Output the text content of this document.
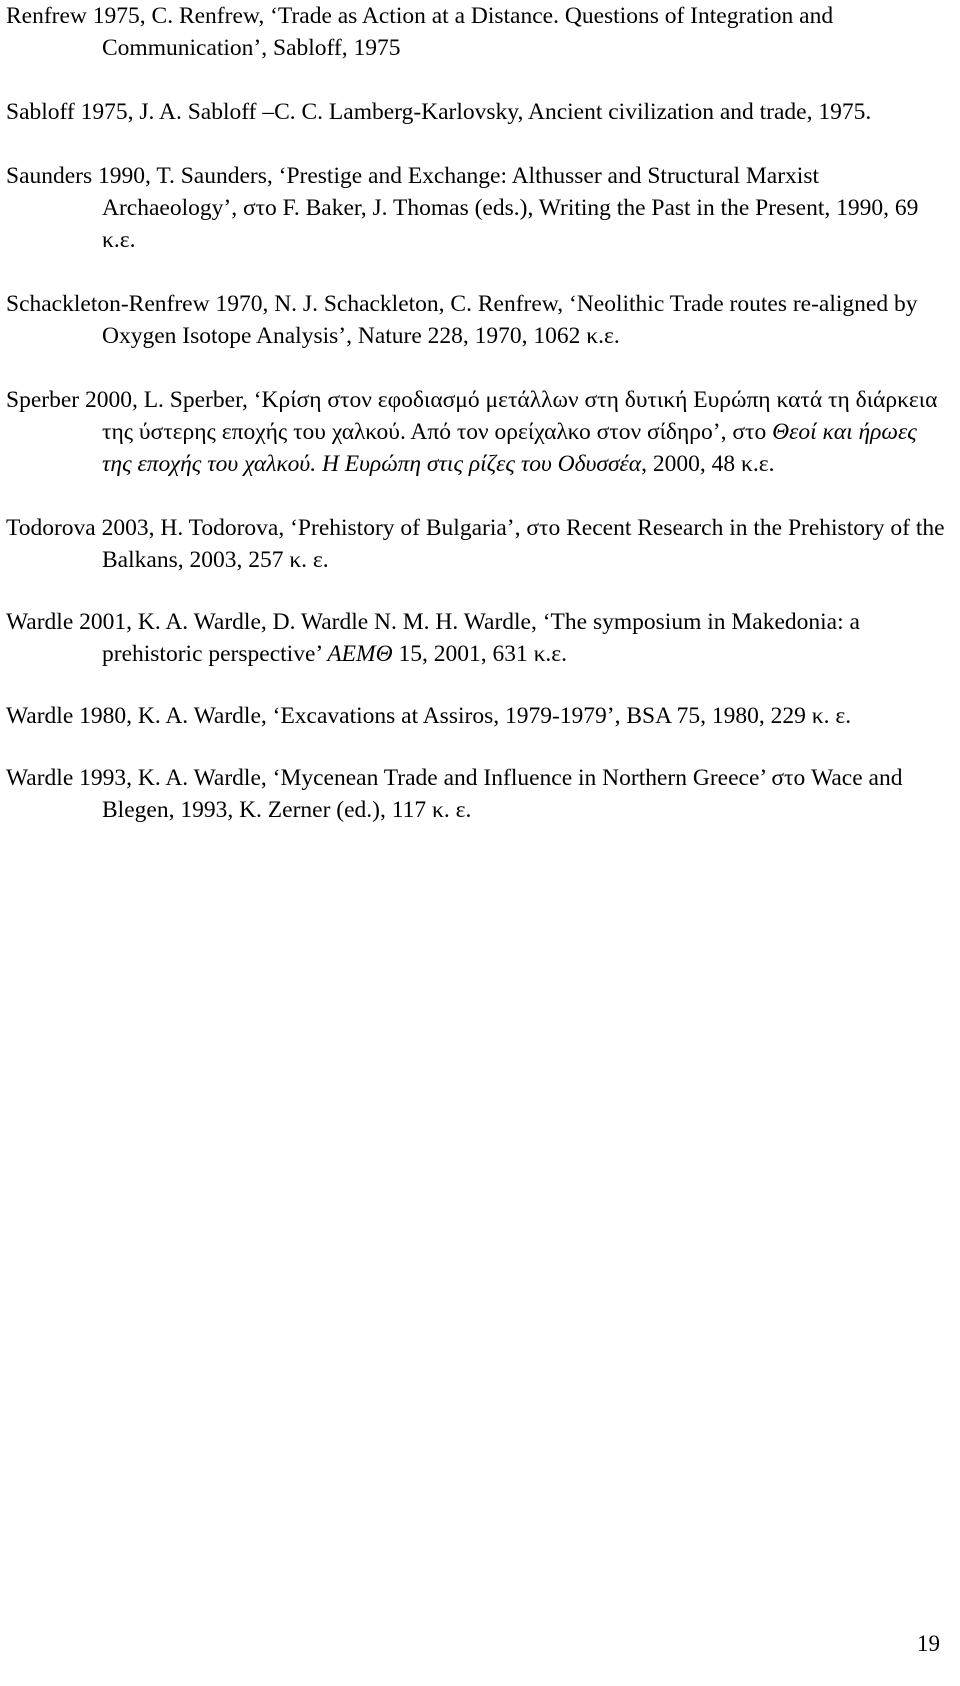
Renfrew 1975, C. Renfrew, ‘Trade as Action at a Distance. Questions of Integration and Communication’, Sabloff, 1975

Sabloff 1975, J. A. Sabloff –C. C. Lamberg-Karlovsky, Ancient civilization and trade, 1975.

Saunders 1990, T. Saunders, ‘Prestige and Exchange: Althusser and Structural Marxist Archaeology’, στο F. Baker, J. Thomas (eds.), Writing the Past in the Present, 1990, 69 κ.ε.

Schackleton-Renfrew 1970, N. J. Schackleton, C. Renfrew, ‘Neolithic Trade routes re-aligned by Oxygen Isotope Analysis’, Nature 228, 1970, 1062 κ.ε.

Sperber 2000, L. Sperber, ‘Κρίση στον εφοδιασμό μετάλλων στη δυτική Ευρώπη κατά τη διάρκεια της ύστερης εποχής του χαλκού. Από τον ορείχαλκο στον σίδηρο’, στο Θεοί και ήρωες της εποχής του χαλκού. Η Ευρώπη στις ρίζες του Οδυσσέα, 2000, 48 κ.ε.

Todorova 2003, H. Todorova, ‘Prehistory of Bulgaria’, στο Recent Research in the Prehistory of the Balkans, 2003, 257 κ. ε.

Wardle 2001, K. A. Wardle, D. Wardle N. M. H. Wardle, ‘The symposium in Makedonia: a prehistoric perspective’ ΑΕΜΘ 15, 2001, 631 κ.ε.

Wardle 1980, K. A. Wardle, ‘Excavations at Assiros, 1979-1979’, BSA 75, 1980, 229 κ. ε.

Wardle 1993, K. A. Wardle, ‘Mycenean Trade and Influence in Northern Greece’ στο Wace and Blegen, 1993, K. Zerner (ed.), 117 κ. ε.

19
